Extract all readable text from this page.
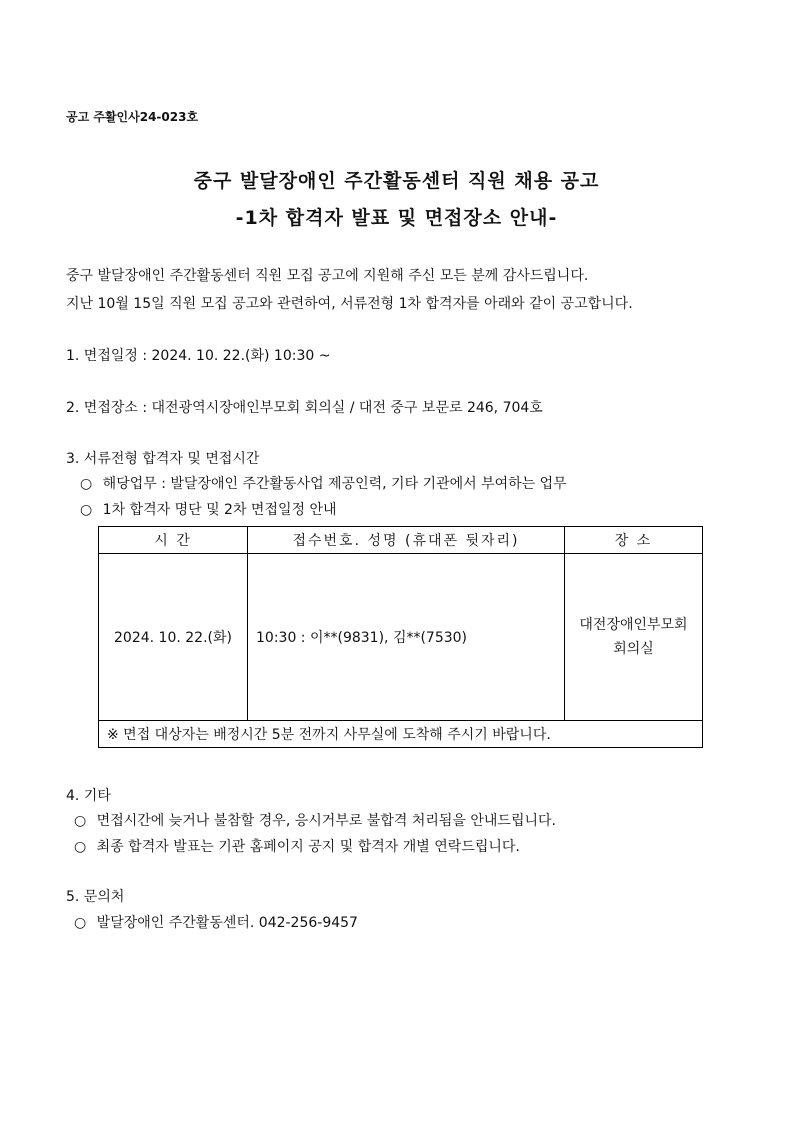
공고 주활인사24-023호
중구 발달장애인 주간활동센터 직원 채용 공고
-1차 합격자 발표 및 면접장소 안내-
중구 발달장애인 주간활동센터 직원 모집 공고에 지원해 주신 모든 분께 감사드립니다.
지난 10월 15일 직원 모집 공고와 관련하여, 서류전형 1차 합격자를 아래와 같이 공고합니다.
1. 면접일정 : 2024. 10. 22.(화) 10:30 ~
2. 면접장소 : 대전광역시장애인부모회 회의실 / 대전 중구 보문로 246, 704호
3. 서류전형 합격자 및 면접시간
○ 해당업무 : 발달장애인 주간활동사업 제공인력, 기타 기관에서 부여하는 업무
○ 1차 합격자 명단 및 2차 면접일정 안내
시 간	접수번호. 성명 (휴대폰 뒷자리)	장 소
2024. 10. 22.(화)	10:30 : 이**(9831), 김**(7530)	대전장애인부모회
회의실

※ 면접 대상자는 배정시간 5분 전까지 사무실에 도착해 주시기 바랍니다.		
4. 기타
○ 면접시간에 늦거나 불참할 경우, 응시거부로 불합격 처리됨을 안내드립니다.
○ 최종 합격자 발표는 기관 홈페이지 공지 및 합격자 개별 연락드립니다.
5. 문의처
○ 발달장애인 주간활동센터. 042-256-9457
